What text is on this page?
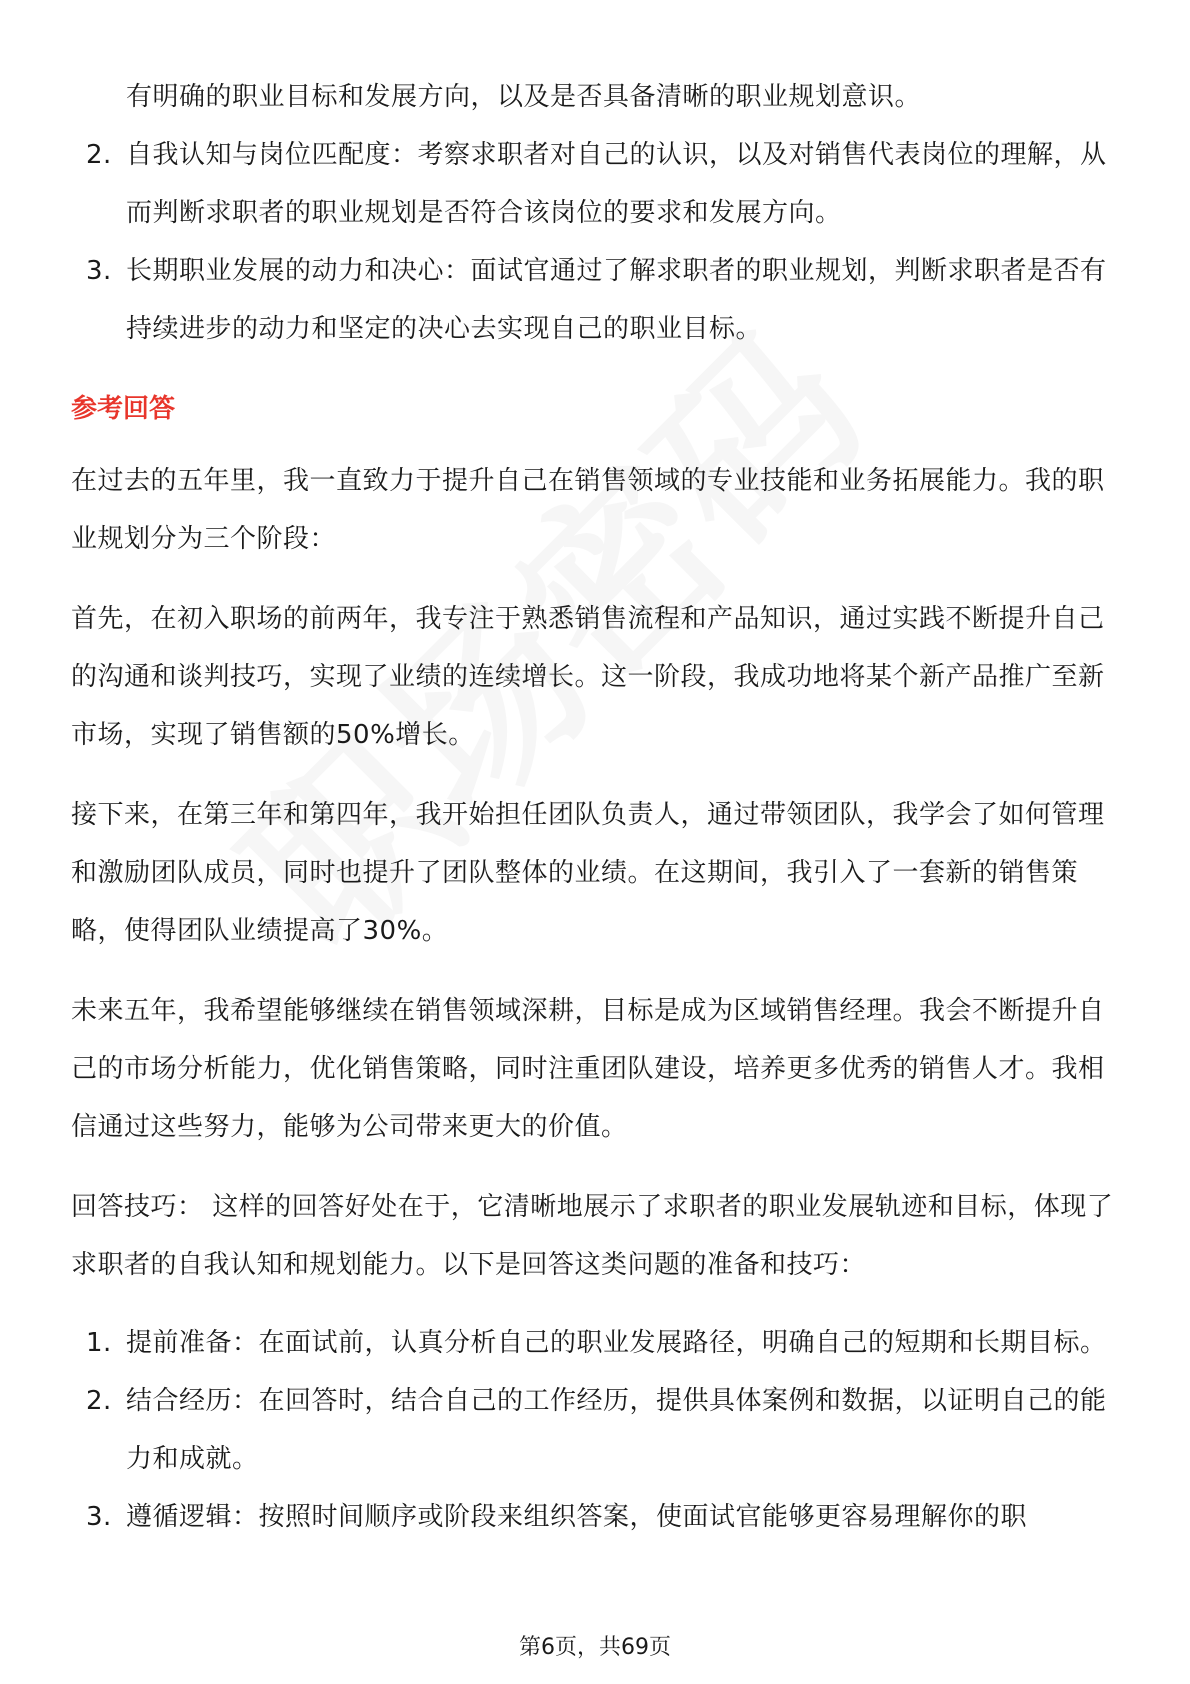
有明确的职业目标和发展方向，以及是否具备清晰的职业规划意识。
2. 自我认知与岗位匹配度：考察求职者对自己的认识，以及对销售代表岗位的理解，从而判断求职者的职业规划是否符合该岗位的要求和发展方向。
3. 长期职业发展的动力和决心：面试官通过了解求职者的职业规划，判断求职者是否有持续进步的动力和坚定的决心去实现自己的职业目标。
参考回答
在过去的五年里，我一直致力于提升自己在销售领域的专业技能和业务拓展能力。我的职业规划分为三个阶段：
首先，在初入职场的前两年，我专注于熟悉销售流程和产品知识，通过实践不断提升自己的沟通和谈判技巧，实现了业绩的连续增长。这一阶段，我成功地将某个新产品推广至新市场，实现了销售额的50%增长。
接下来，在第三年和第四年，我开始担任团队负责人，通过带领团队，我学会了如何管理和激励团队成员，同时也提升了团队整体的业绩。在这期间，我引入了一套新的销售策略，使得团队业绩提高了30%。
未来五年，我希望能够继续在销售领域深耕，目标是成为区域销售经理。我会不断提升自己的市场分析能力，优化销售策略，同时注重团队建设，培养更多优秀的销售人才。我相信通过这些努力，能够为公司带来更大的价值。
回答技巧： 这样的回答好处在于，它清晰地展示了求职者的职业发展轨迹和目标，体现了求职者的自我认知和规划能力。以下是回答这类问题的准备和技巧：
1. 提前准备：在面试前，认真分析自己的职业发展路径，明确自己的短期和长期目标。
2. 结合经历：在回答时，结合自己的工作经历，提供具体案例和数据，以证明自己的能力和成就。
3. 遵循逻辑：按照时间顺序或阶段来组织答案，使面试官能够更容易理解你的职
第6页，共69页
